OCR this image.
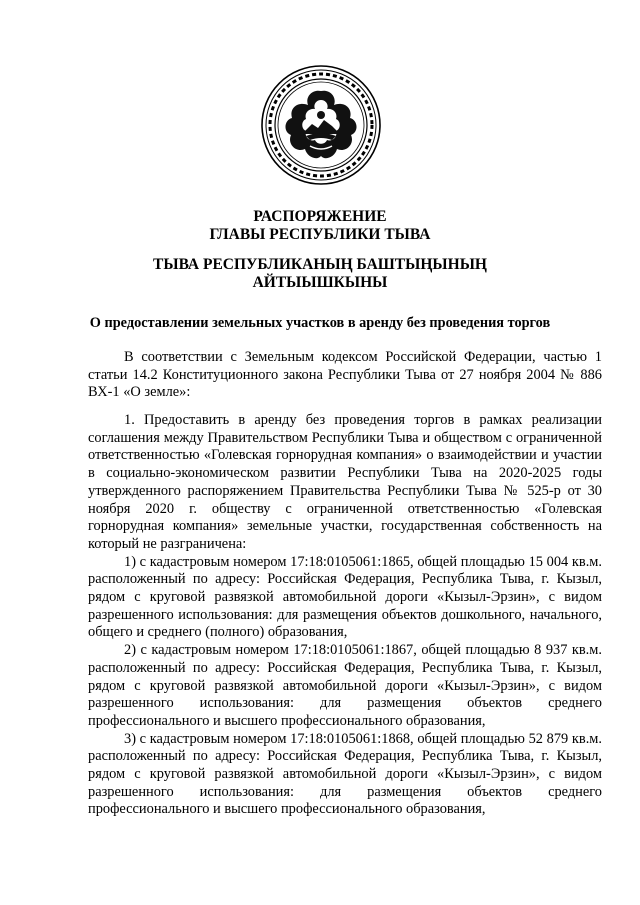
РАСПОРЯЖЕНИЕ

ГЛАВЫ РЕСПУБЛИКИ ТЫВА

ТЫВА РЕСПУБЛИКАНЫҢ БАШТЫҢЫНЫҢ

АЙТЫЫШКЫНЫ

О предоставлении земельных участков в аренду без проведения торгов

В соответствии с Земельным кодексом Российской Федерации, частью 1 статьи 14.2 Конституционного закона Республики Тыва от 27 ноября 2004 № 886 ВХ-1 «О земле»:

1. Предоставить в аренду без проведения торгов в рамках реализации соглашения между Правительством Республики Тыва и обществом с ограниченной ответственностью «Голевская горнорудная компания» о взаимодействии и участии в социально-экономическом развитии Республики Тыва на 2020-2025 годы утвержденного распоряжением Правительства Республики Тыва № 525-р от 30 ноября 2020 г. обществу с ограниченной ответственностью «Голевская горнорудная компания» земельные участки, государственная собственность на который не разграничена:

1) с кадастровым номером 17:18:0105061:1865, общей площадью 15 004 кв.м. расположенный по адресу: Российская Федерация, Республика Тыва, г. Кызыл, рядом с круговой развязкой автомобильной дороги «Кызыл-Эрзин», с видом разрешенного использования: для размещения объектов дошкольного, начального, общего и среднего (полного) образования,

2) с кадастровым номером 17:18:0105061:1867, общей площадью 8 937 кв.м. расположенный по адресу: Российская Федерация, Республика Тыва, г. Кызыл, рядом с круговой развязкой автомобильной дороги «Кызыл-Эрзин», с видом разрешенного использования: для размещения объектов среднего профессионального и высшего профессионального образования,

3) с кадастровым номером 17:18:0105061:1868, общей площадью 52 879 кв.м. расположенный по адресу: Российская Федерация, Республика Тыва, г. Кызыл, рядом с круговой развязкой автомобильной дороги «Кызыл-Эрзин», с видом разрешенного использования: для размещения объектов среднего профессионального и высшего профессионального образования,
